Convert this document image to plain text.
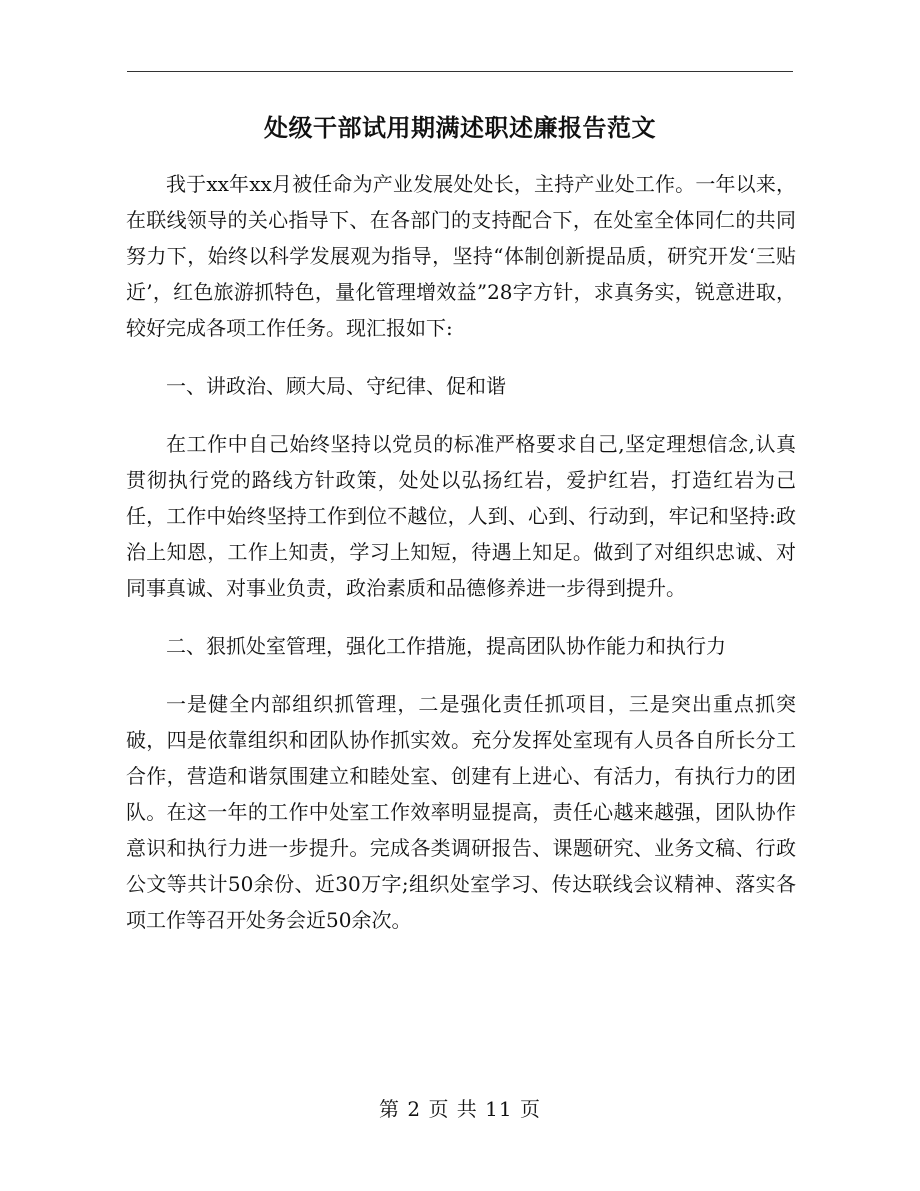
处级干部试用期满述职述廉报告范文

我于xx年xx月被任命为产业发展处处长，主持产业处工作。一年以来，在联线领导的关心指导下、在各部门的支持配合下，在处室全体同仁的共同努力下，始终以科学发展观为指导，坚持“体制创新提品质，研究开发‘三贴近’，红色旅游抓特色，量化管理增效益”28字方针，求真务实，锐意进取，较好完成各项工作任务。现汇报如下:

一、讲政治、顾大局、守纪律、促和谐

在工作中自己始终坚持以党员的标准严格要求自己,坚定理想信念,认真贯彻执行党的路线方针政策，处处以弘扬红岩，爱护红岩，打造红岩为己任，工作中始终坚持工作到位不越位，人到、心到、行动到，牢记和坚持:政治上知恩，工作上知责，学习上知短，待遇上知足。做到了对组织忠诚、对同事真诚、对事业负责，政治素质和品德修养进一步得到提升。

二、狠抓处室管理，强化工作措施，提高团队协作能力和执行力

一是健全内部组织抓管理，二是强化责任抓项目，三是突出重点抓突破，四是依靠组织和团队协作抓实效。充分发挥处室现有人员各自所长分工合作，营造和谐氛围建立和睦处室、创建有上进心、有活力，有执行力的团队。在这一年的工作中处室工作效率明显提高，责任心越来越强，团队协作意识和执行力进一步提升。完成各类调研报告、课题研究、业务文稿、行政公文等共计50余份、近30万字;组织处室学习、传达联线会议精神、落实各项工作等召开处务会近50余次。

第 2 页 共 11 页
